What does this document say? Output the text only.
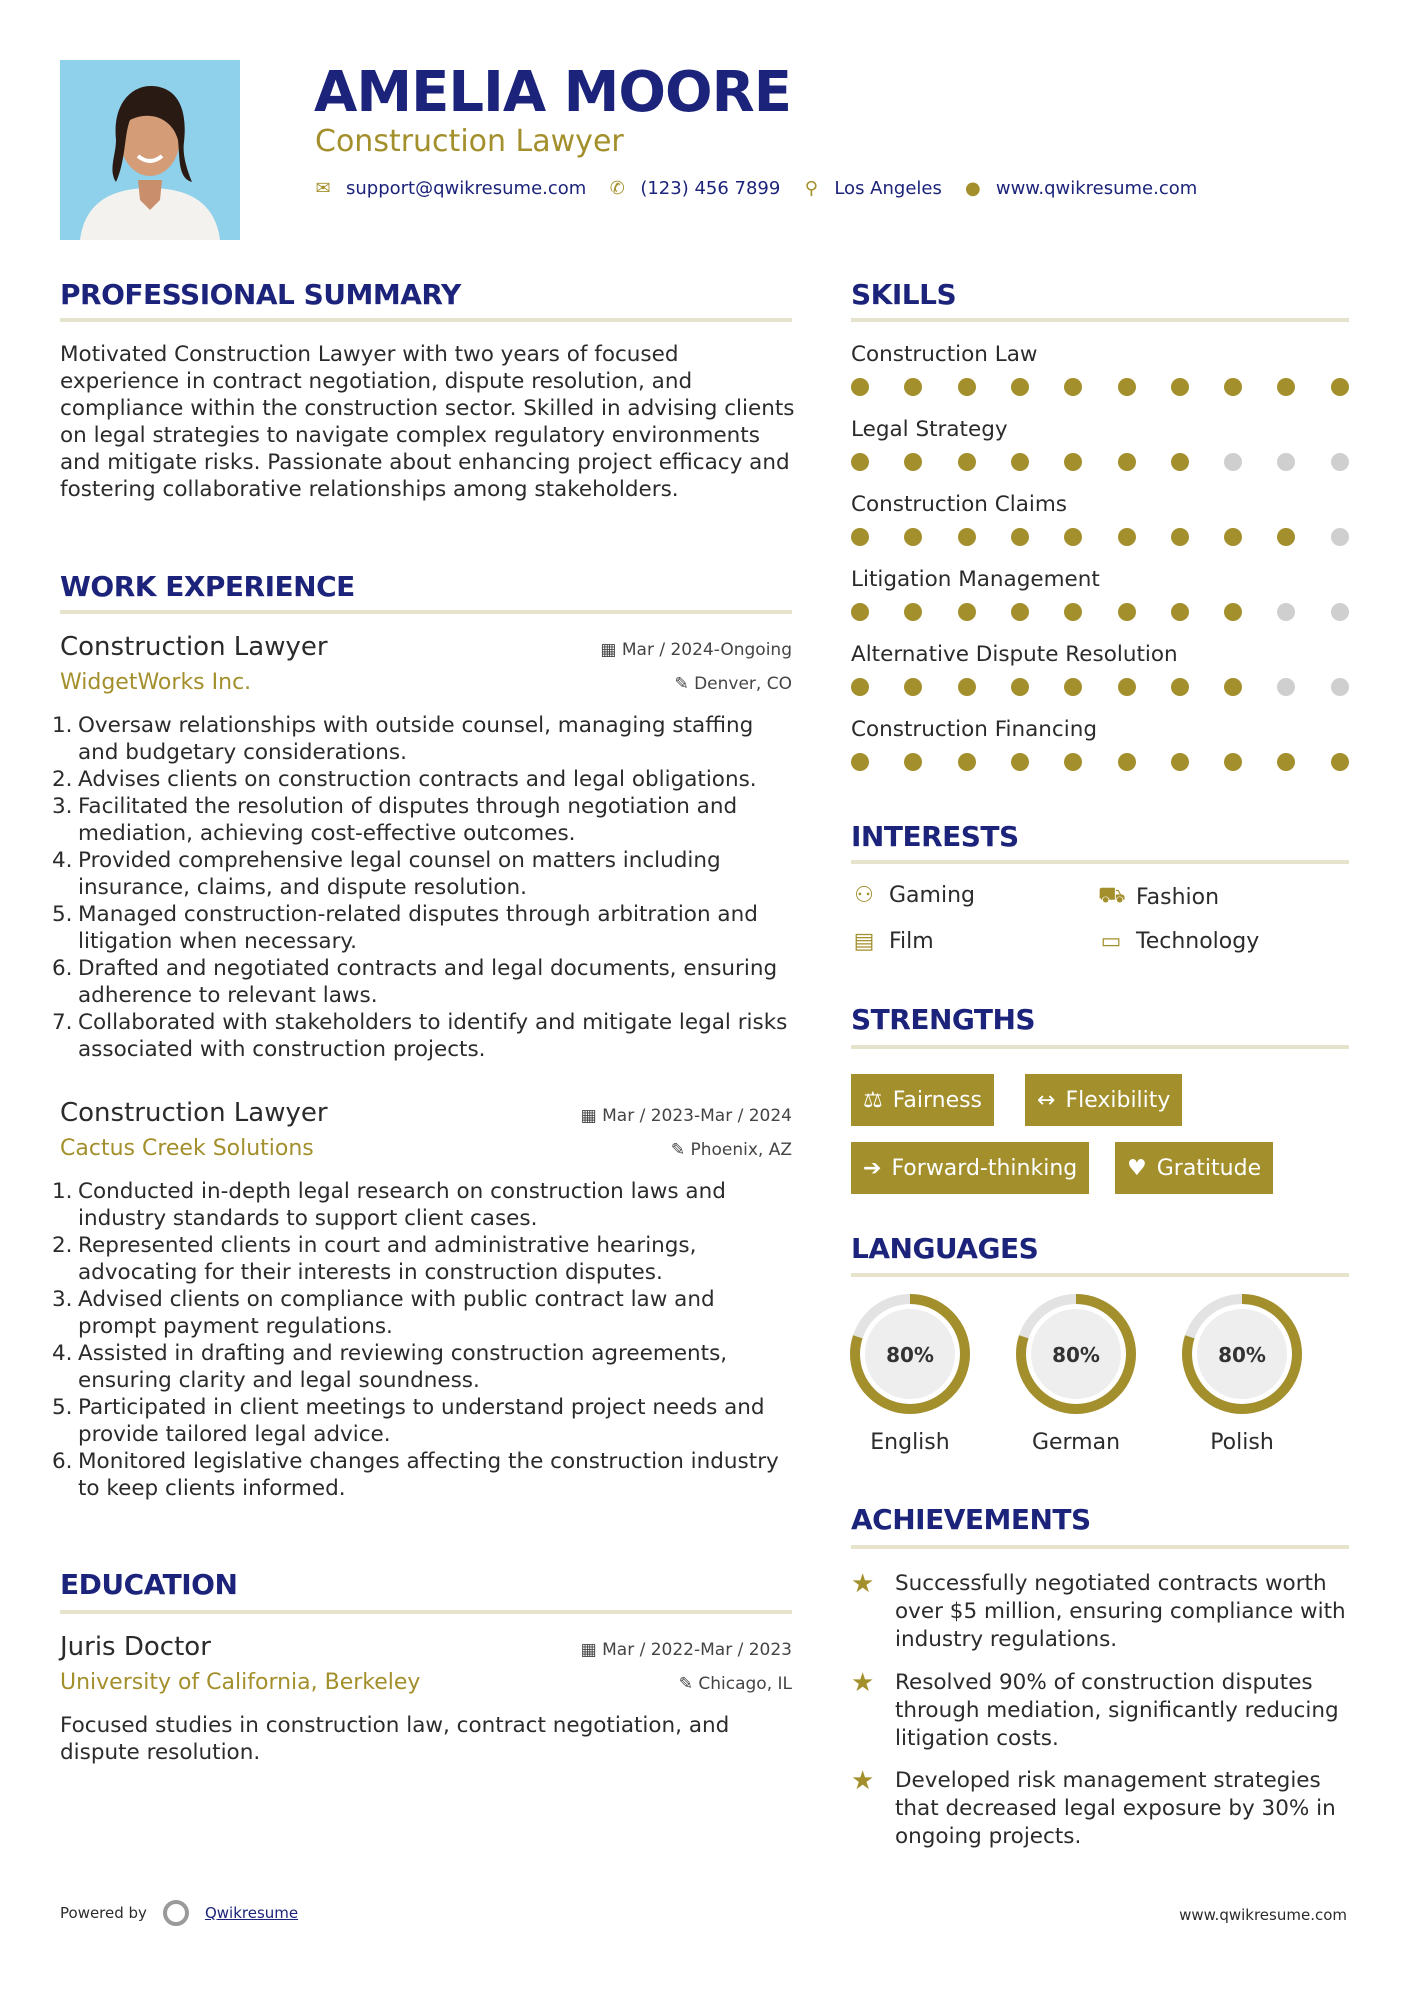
AMELIA MOORE
Construction Lawyer
✉ support@qwikresume.com ✆ (123) 456 7899 ⚲ Los Angeles ● www.qwikresume.com
PROFESSIONAL SUMMARY
Motivated Construction Lawyer with two years of focused experience in contract negotiation, dispute resolution, and compliance within the construction sector. Skilled in advising clients on legal strategies to navigate complex regulatory environments and mitigate risks. Passionate about enhancing project efficacy and fostering collaborative relationships among stakeholders.
WORK EXPERIENCE
Construction Lawyer	▦ Mar / 2024-Ongoing
WidgetWorks Inc.	✎ Denver, CO
1. Oversaw relationships with outside counsel, managing staffing and budgetary considerations.
2. Advises clients on construction contracts and legal obligations.
3. Facilitated the resolution of disputes through negotiation and mediation, achieving cost-effective outcomes.
4. Provided comprehensive legal counsel on matters including insurance, claims, and dispute resolution.
5. Managed construction-related disputes through arbitration and litigation when necessary.
6. Drafted and negotiated contracts and legal documents, ensuring adherence to relevant laws.
7. Collaborated with stakeholders to identify and mitigate legal risks associated with construction projects.
Construction Lawyer	▦ Mar / 2023-Mar / 2024
Cactus Creek Solutions	✎ Phoenix, AZ
1. Conducted in-depth legal research on construction laws and industry standards to support client cases.
2. Represented clients in court and administrative hearings, advocating for their interests in construction disputes.
3. Advised clients on compliance with public contract law and prompt payment regulations.
4. Assisted in drafting and reviewing construction agreements, ensuring clarity and legal soundness.
5. Participated in client meetings to understand project needs and provide tailored legal advice.
6. Monitored legislative changes affecting the construction industry to keep clients informed.
EDUCATION
Juris Doctor	▦ Mar / 2022-Mar / 2023
University of California, Berkeley	✎ Chicago, IL
Focused studies in construction law, contract negotiation, and dispute resolution.
SKILLS
Construction Law
Legal Strategy
Construction Claims
Litigation Management
Alternative Dispute Resolution
Construction Financing
INTERESTS
⚇ Gaming	⛟ Fashion
▤ Film	▭ Technology
STRENGTHS
⚖ Fairness ↔ Flexibility
➔ Forward-thinking ♥ Gratitude
LANGUAGES
80%
English
80%
German
80%
Polish
ACHIEVEMENTS
★ Successfully negotiated contracts worth over $5 million, ensuring compliance with industry regulations.
★ Resolved 90% of construction disputes through mediation, significantly reducing litigation costs.
★ Developed risk management strategies that decreased legal exposure by 30% in ongoing projects.
Powered by	Qwikresume	www.qwikresume.com
